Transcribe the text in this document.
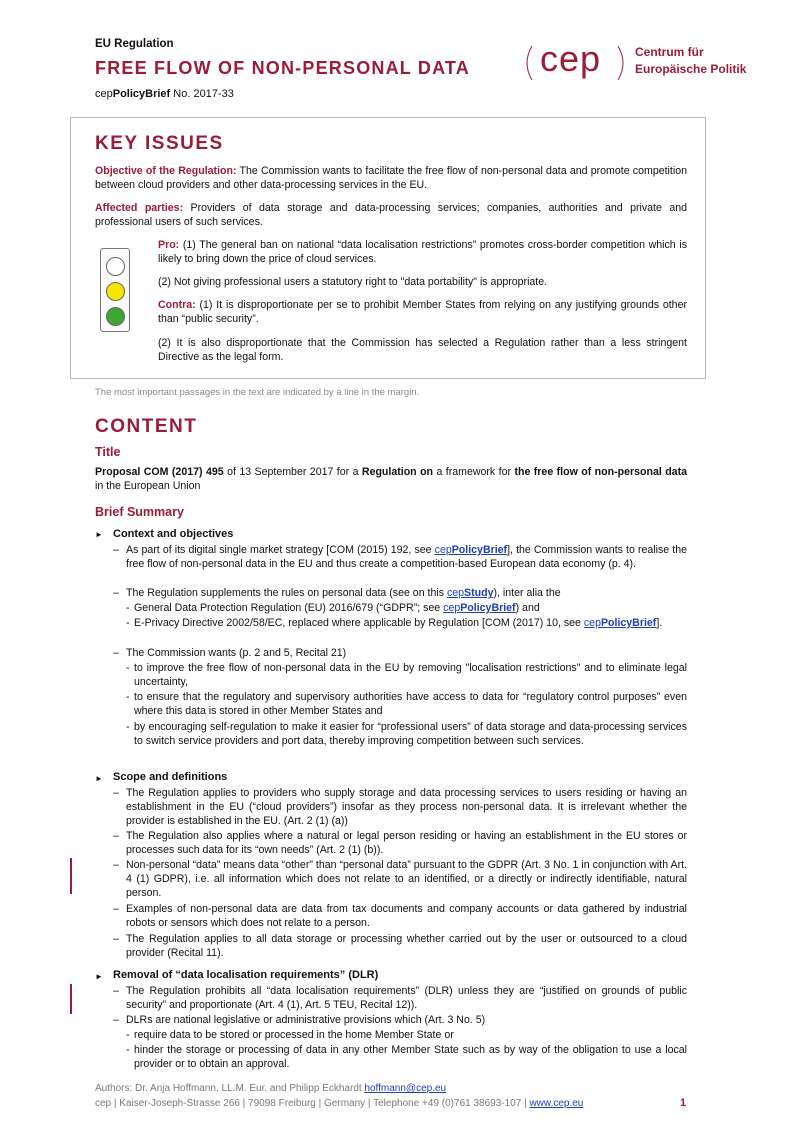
EU Regulation
FREE FLOW OF NON-PERSONAL DATA
cepPolicyBrief No. 2017-33
cep	Centrum für
Europäische Politik
KEY ISSUES
Objective of the Regulation: The Commission wants to facilitate the free flow of non-personal data and promote competition between cloud providers and other data-processing services in the EU.
Affected parties: Providers of data storage and data-processing services; companies, authorities and private and professional users of such services.
Pro: (1) The general ban on national “data localisation restrictions” promotes cross-border competition which is likely to bring down the price of cloud services.
(2) Not giving professional users a statutory right to "data portability" is appropriate.
Contra: (1) It is disproportionate per se to prohibit Member States from relying on any justifying grounds other than “public security”.
(2) It is also disproportionate that the Commission has selected a Regulation rather than a less stringent Directive as the legal form.
The most important passages in the text are indicated by a line in the margin.
CONTENT
Title
Proposal COM (2017) 495 of 13 September 2017 for a Regulation on a framework for the free flow of non-personal data in the European Union
Brief Summary
► Context and objectives
– As part of its digital single market strategy [COM (2015) 192, see cepPolicyBrief], the Commission wants to realise the free flow of non-personal data in the EU and thus create a competition-based European data economy (p. 4).
– The Regulation supplements the rules on personal data (see on this cepStudy), inter alia the
- General Data Protection Regulation (EU) 2016/679 (“GDPR”; see cepPolicyBrief) and
- E-Privacy Directive 2002/58/EC, replaced where applicable by Regulation [COM (2017) 10, see cepPolicyBrief].
– The Commission wants (p. 2 and 5, Recital 21)
- to improve the free flow of non-personal data in the EU by removing "localisation restrictions" and to eliminate legal uncertainty,
- to ensure that the regulatory and supervisory authorities have access to data for “regulatory control purposes” even where this data is stored in other Member States and
- by encouraging self-regulation to make it easier for “professional users” of data storage and data-processing services to switch service providers and port data, thereby improving competition between such services.
► Scope and definitions
– The Regulation applies to providers who supply storage and data processing services to users residing or having an establishment in the EU (“cloud providers”) insofar as they process non-personal data. It is irrelevant whether the provider is established in the EU. (Art. 2 (1) (a))
– The Regulation also applies where a natural or legal person residing or having an establishment in the EU stores or processes such data for its “own needs” (Art. 2 (1) (b)).
– Non-personal “data” means data “other” than “personal data” pursuant to the GDPR (Art. 3 No. 1 in conjunction with Art. 4 (1) GDPR), i.e. all information which does not relate to an identified, or a directly or indirectly identifiable, natural person.
– Examples of non-personal data are data from tax documents and company accounts or data gathered by industrial robots or sensors which does not relate to a person.
– The Regulation applies to all data storage or processing whether carried out by the user or outsourced to a cloud provider (Recital 11).
► Removal of “data localisation requirements” (DLR)
– The Regulation prohibits all “data localisation requirements” (DLR) unless they are “justified on grounds of public security” and proportionate (Art. 4 (1), Art. 5 TEU, Recital 12)).
– DLRs are national legislative or administrative provisions which (Art. 3 No. 5)
- require data to be stored or processed in the home Member State or
- hinder the storage or processing of data in any other Member State such as by way of the obligation to use a local provider or to obtain an approval.
Authors: Dr. Anja Hoffmann, LL.M. Eur. and Philipp Eckhardt hoffmann@cep.eu
cep | Kaiser-Joseph-Strasse 266 | 79098 Freiburg | Germany | Telephone +49 (0)761 38693-107 | www.cep.eu	1
